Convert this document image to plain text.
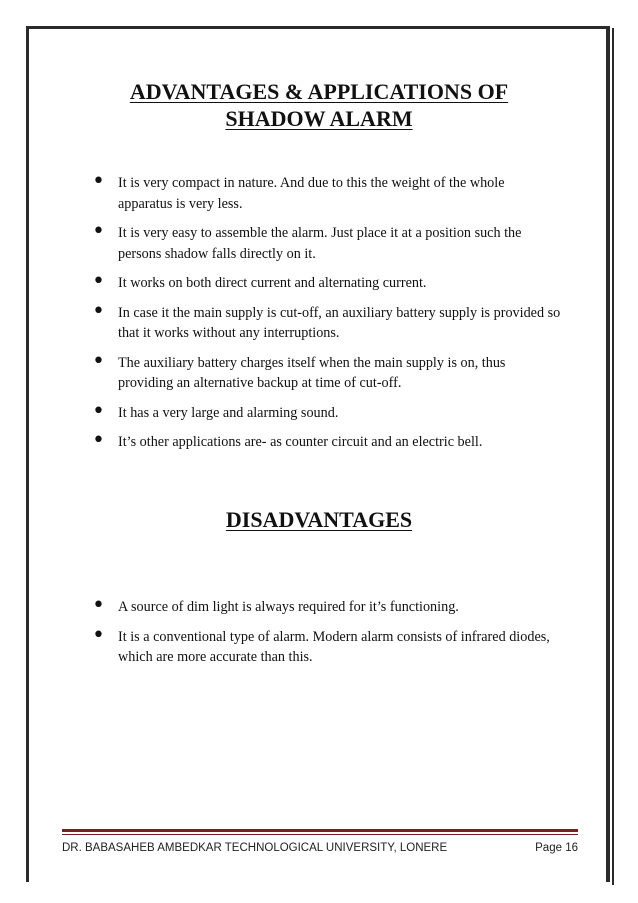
ADVANTAGES & APPLICATIONS OF
SHADOW ALARM
• It is very compact in nature. And due to this the weight of the whole apparatus is very less.
• It is very easy to assemble the alarm. Just place it at a position such the persons shadow falls directly on it.
• It works on both direct current and alternating current.
• In case it the main supply is cut-off, an auxiliary battery supply is provided so that it works without any interruptions.
• The auxiliary battery charges itself when the main supply is on, thus providing an alternative backup at time of cut-off.
• It has a very large and alarming sound.
• It’s other applications are- as counter circuit and an electric bell.
DISADVANTAGES
• A source of dim light is always required for it’s functioning.
• It is a conventional type of alarm. Modern alarm consists of infrared diodes, which are more accurate than this.
DR. BABASAHEB AMBEDKAR TECHNOLOGICAL UNIVERSITY, LONERE	Page 16
